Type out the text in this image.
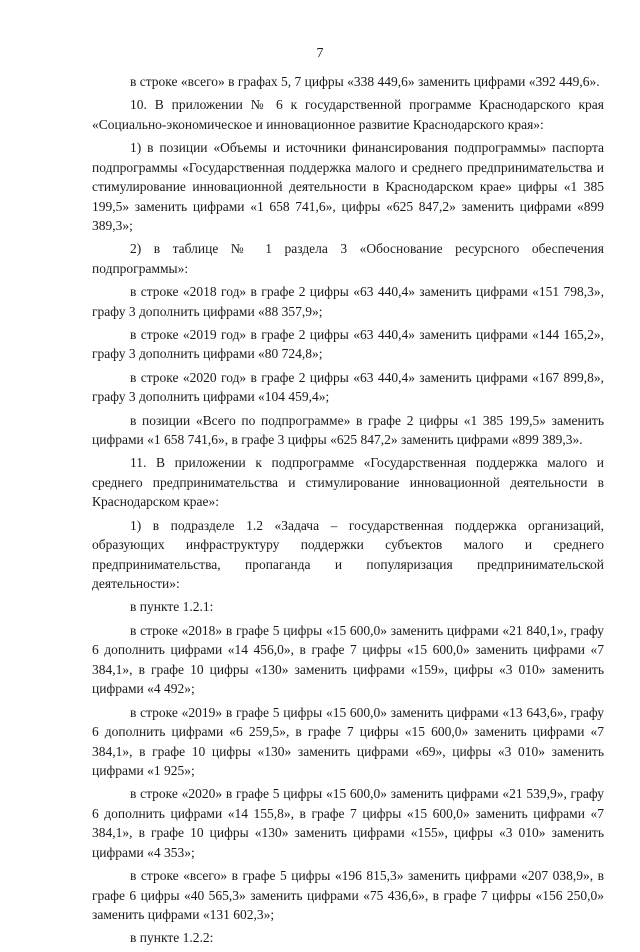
7

в строке «всего» в графах 5, 7 цифры «338 449,6» заменить цифрами «392 449,6».

10. В приложении № 6 к государственной программе Краснодарского края «Социально-экономическое и инновационное развитие Краснодарского края»:

1) в позиции «Объемы и источники финансирования подпрограммы» паспорта подпрограммы «Государственная поддержка малого и среднего предпринимательства и стимулирование инновационной деятельности в Краснодарском крае» цифры «1 385 199,5» заменить цифрами «1 658 741,6», цифры «625 847,2» заменить цифрами «899 389,3»;

2) в таблице № 1 раздела 3 «Обоснование ресурсного обеспечения подпрограммы»:

в строке «2018 год» в графе 2 цифры «63 440,4» заменить цифрами «151 798,3», графу 3 дополнить цифрами «88 357,9»;

в строке «2019 год» в графе 2 цифры «63 440,4» заменить цифрами «144 165,2», графу 3 дополнить цифрами «80 724,8»;

в строке «2020 год» в графе 2 цифры «63 440,4» заменить цифрами «167 899,8», графу 3 дополнить цифрами «104 459,4»;

в позиции «Всего по подпрограмме» в графе 2 цифры «1 385 199,5» заменить цифрами «1 658 741,6», в графе 3 цифры «625 847,2» заменить цифрами «899 389,3».

11. В приложении к подпрограмме «Государственная поддержка малого и среднего предпринимательства и стимулирование инновационной деятельности в Краснодарском крае»:

1) в подразделе 1.2 «Задача – государственная поддержка организаций, образующих инфраструктуру поддержки субъектов малого и среднего предпринимательства, пропаганда и популяризация предпринимательской деятельности»:

в пункте 1.2.1:

в строке «2018» в графе 5 цифры «15 600,0» заменить цифрами «21 840,1», графу 6 дополнить цифрами «14 456,0», в графе 7 цифры «15 600,0» заменить цифрами «7 384,1», в графе 10 цифры «130» заменить цифрами «159», цифры «3 010» заменить цифрами «4 492»;

в строке «2019» в графе 5 цифры «15 600,0» заменить цифрами «13 643,6», графу 6 дополнить цифрами «6 259,5», в графе 7 цифры «15 600,0» заменить цифрами «7 384,1», в графе 10 цифры «130» заменить цифрами «69», цифры «3 010» заменить цифрами «1 925»;

в строке «2020» в графе 5 цифры «15 600,0» заменить цифрами «21 539,9», графу 6 дополнить цифрами «14 155,8», в графе 7 цифры «15 600,0» заменить цифрами «7 384,1», в графе 10 цифры «130» заменить цифрами «155», цифры «3 010» заменить цифрами «4 353»;

в строке «всего» в графе 5 цифры «196 815,3» заменить цифрами «207 038,9», в графе 6 цифры «40 565,3» заменить цифрами «75 436,6», в графе 7 цифры «156 250,0» заменить цифрами «131 602,3»;

в пункте 1.2.2:
